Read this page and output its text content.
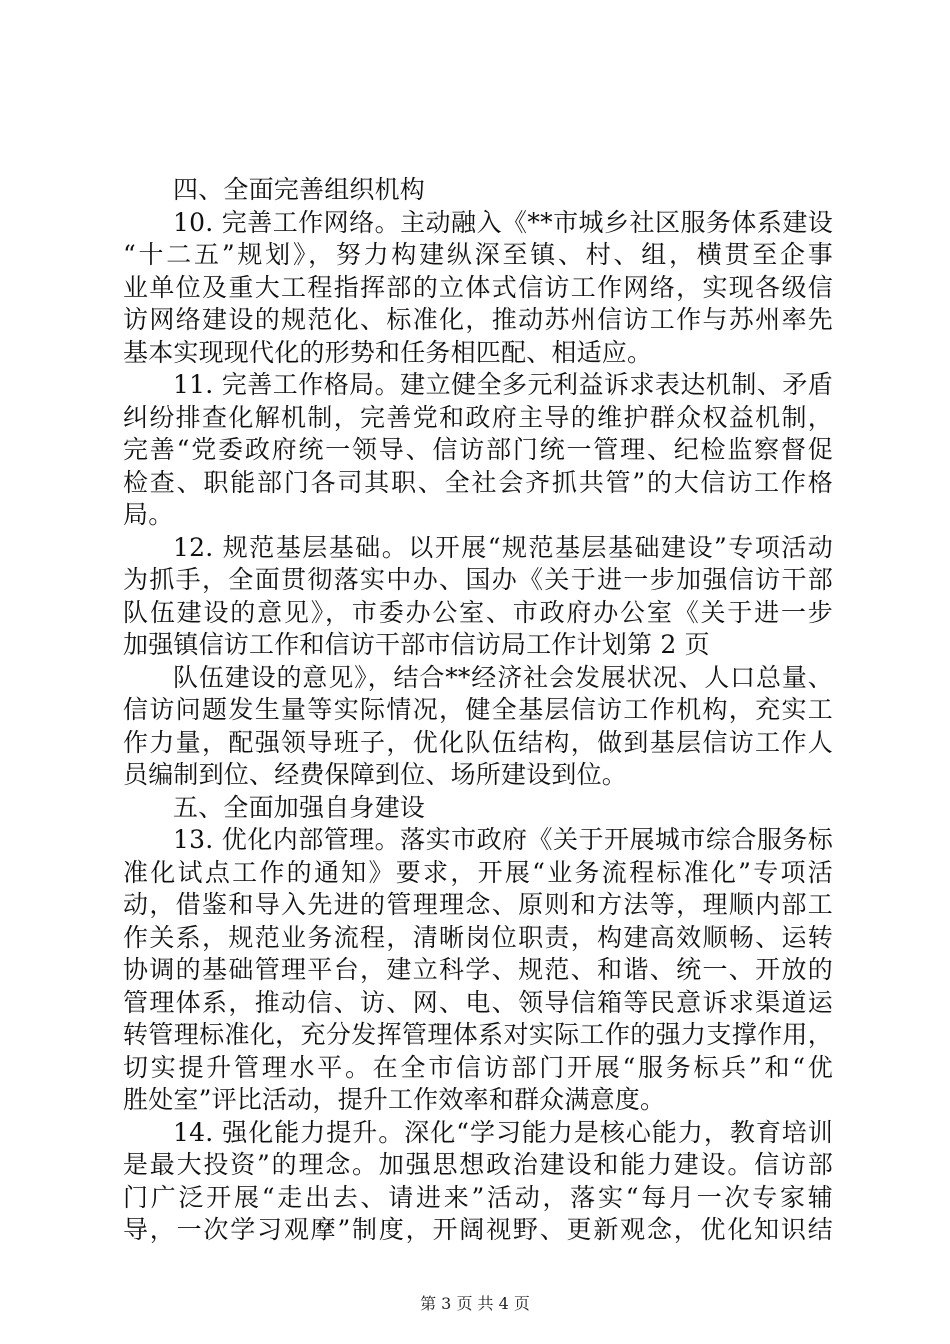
四、全面完善组织机构
10. 完善工作网络。主动融入《**市城乡社区服务体系建设
“十二五”规划》，努力构建纵深至镇、村、组，横贯至企事
业单位及重大工程指挥部的立体式信访工作网络，实现各级信
访网络建设的规范化、标准化，推动苏州信访工作与苏州率先
基本实现现代化的形势和任务相匹配、相适应。
11. 完善工作格局。建立健全多元利益诉求表达机制、矛盾
纠纷排查化解机制，完善党和政府主导的维护群众权益机制，
完善“党委政府统一领导、信访部门统一管理、纪检监察督促
检查、职能部门各司其职、全社会齐抓共管”的大信访工作格
局。
12. 规范基层基础。以开展“规范基层基础建设”专项活动
为抓手，全面贯彻落实中办、国办《关于进一步加强信访干部
队伍建设的意见》，市委办公室、市政府办公室《关于进一步
加强镇信访工作和信访干部市信访局工作计划第 2 页
队伍建设的意见》，结合**经济社会发展状况、人口总量、
信访问题发生量等实际情况，健全基层信访工作机构，充实工
作力量，配强领导班子，优化队伍结构，做到基层信访工作人
员编制到位、经费保障到位、场所建设到位。
五、全面加强自身建设
13. 优化内部管理。落实市政府《关于开展城市综合服务标
准化试点工作的通知》要求，开展“业务流程标准化”专项活
动，借鉴和导入先进的管理理念、原则和方法等，理顺内部工
作关系，规范业务流程，清晰岗位职责，构建高效顺畅、运转
协调的基础管理平台，建立科学、规范、和谐、统一、开放的
管理体系，推动信、访、网、电、领导信箱等民意诉求渠道运
转管理标准化，充分发挥管理体系对实际工作的强力支撑作用，
切实提升管理水平。在全市信访部门开展“服务标兵”和“优
胜处室”评比活动，提升工作效率和群众满意度。
14. 强化能力提升。深化“学习能力是核心能力，教育培训
是最大投资”的理念。加强思想政治建设和能力建设。信访部
门广泛开展“走出去、请进来”活动，落实“每月一次专家辅
导，一次学习观摩”制度，开阔视野、更新观念，优化知识结
第 3 页 共 4 页
